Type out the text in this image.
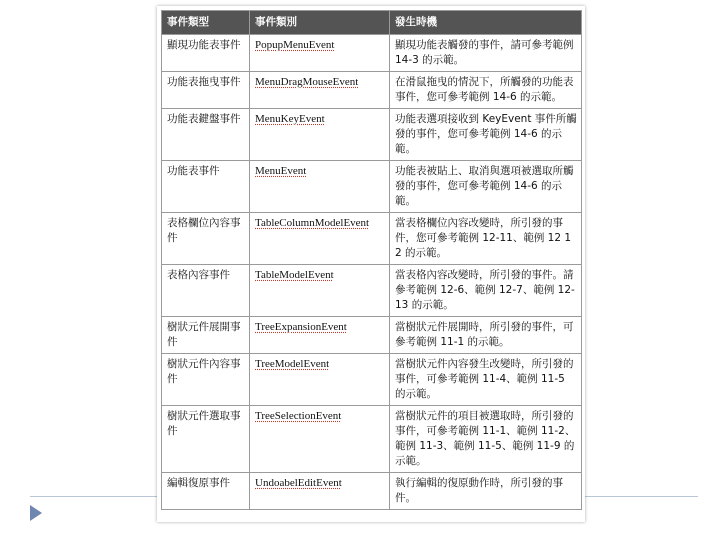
事件類型	事件類別	發生時機
顯現功能表事件	PopupMenuEvent	顯現功能表觸發的事件，請可參考範例 14-3 的示範。
功能表拖曳事件	MenuDragMouseEvent	在滑鼠拖曳的情況下，所觸發的功能表事件，您可參考範例 14-6 的示範。
功能表鍵盤事件	MenuKeyEvent	功能表選項接收到 KeyEvent 事件所觸發的事件，您可參考範例 14-6 的示範。
功能表事件	MenuEvent	功能表被貼上、取消與選項被選取所觸發的事件，您可參考範例 14-6 的示範。
表格欄位內容事件	TableColumnModelEvent	當表格欄位內容改變時，所引發的事件，您可參考範例 12-11、範例 12 12 的示範。
表格內容事件	TableModelEvent	當表格內容改變時，所引發的事件。請參考範例 12-6、範例 12-7、範例 12-13 的示範。
樹狀元件展開事件	TreeExpansionEvent	當樹狀元件展開時，所引發的事件，可參考範例 11-1 的示範。
樹狀元件內容事件	TreeModelEvent	當樹狀元件內容發生改變時，所引發的事件，可參考範例 11-4、範例 11-5 的示範。
樹狀元件選取事件	TreeSelectionEvent	當樹狀元件的項目被選取時，所引發的事件，可參考範例 11-1、範例 11-2、範例 11-3、範例 11-5、範例 11-9 的示範。
編輯復原事件	UndoabelEditEvent	執行編輯的復原動作時，所引發的事件。
